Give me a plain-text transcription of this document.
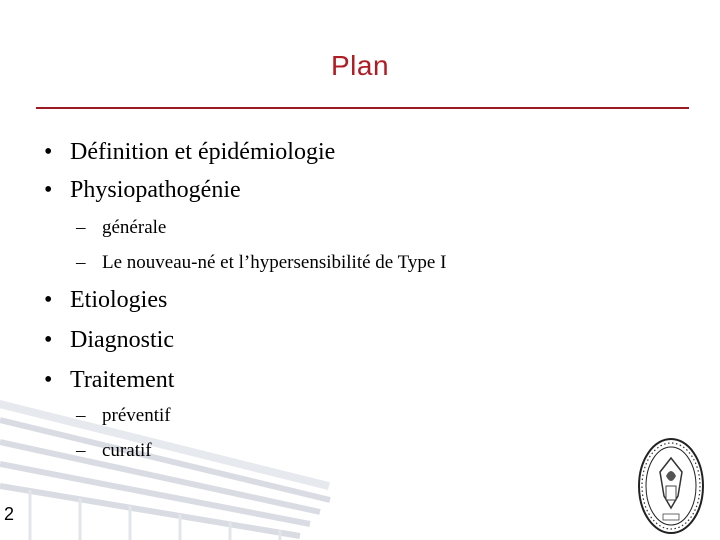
Plan
• Définition et épidémiologie
• Physiopathogénie
– générale
– Le nouveau-né et l’hypersensibilité de Type I
• Etiologies
• Diagnostic
• Traitement
– préventif
– curatif
2
